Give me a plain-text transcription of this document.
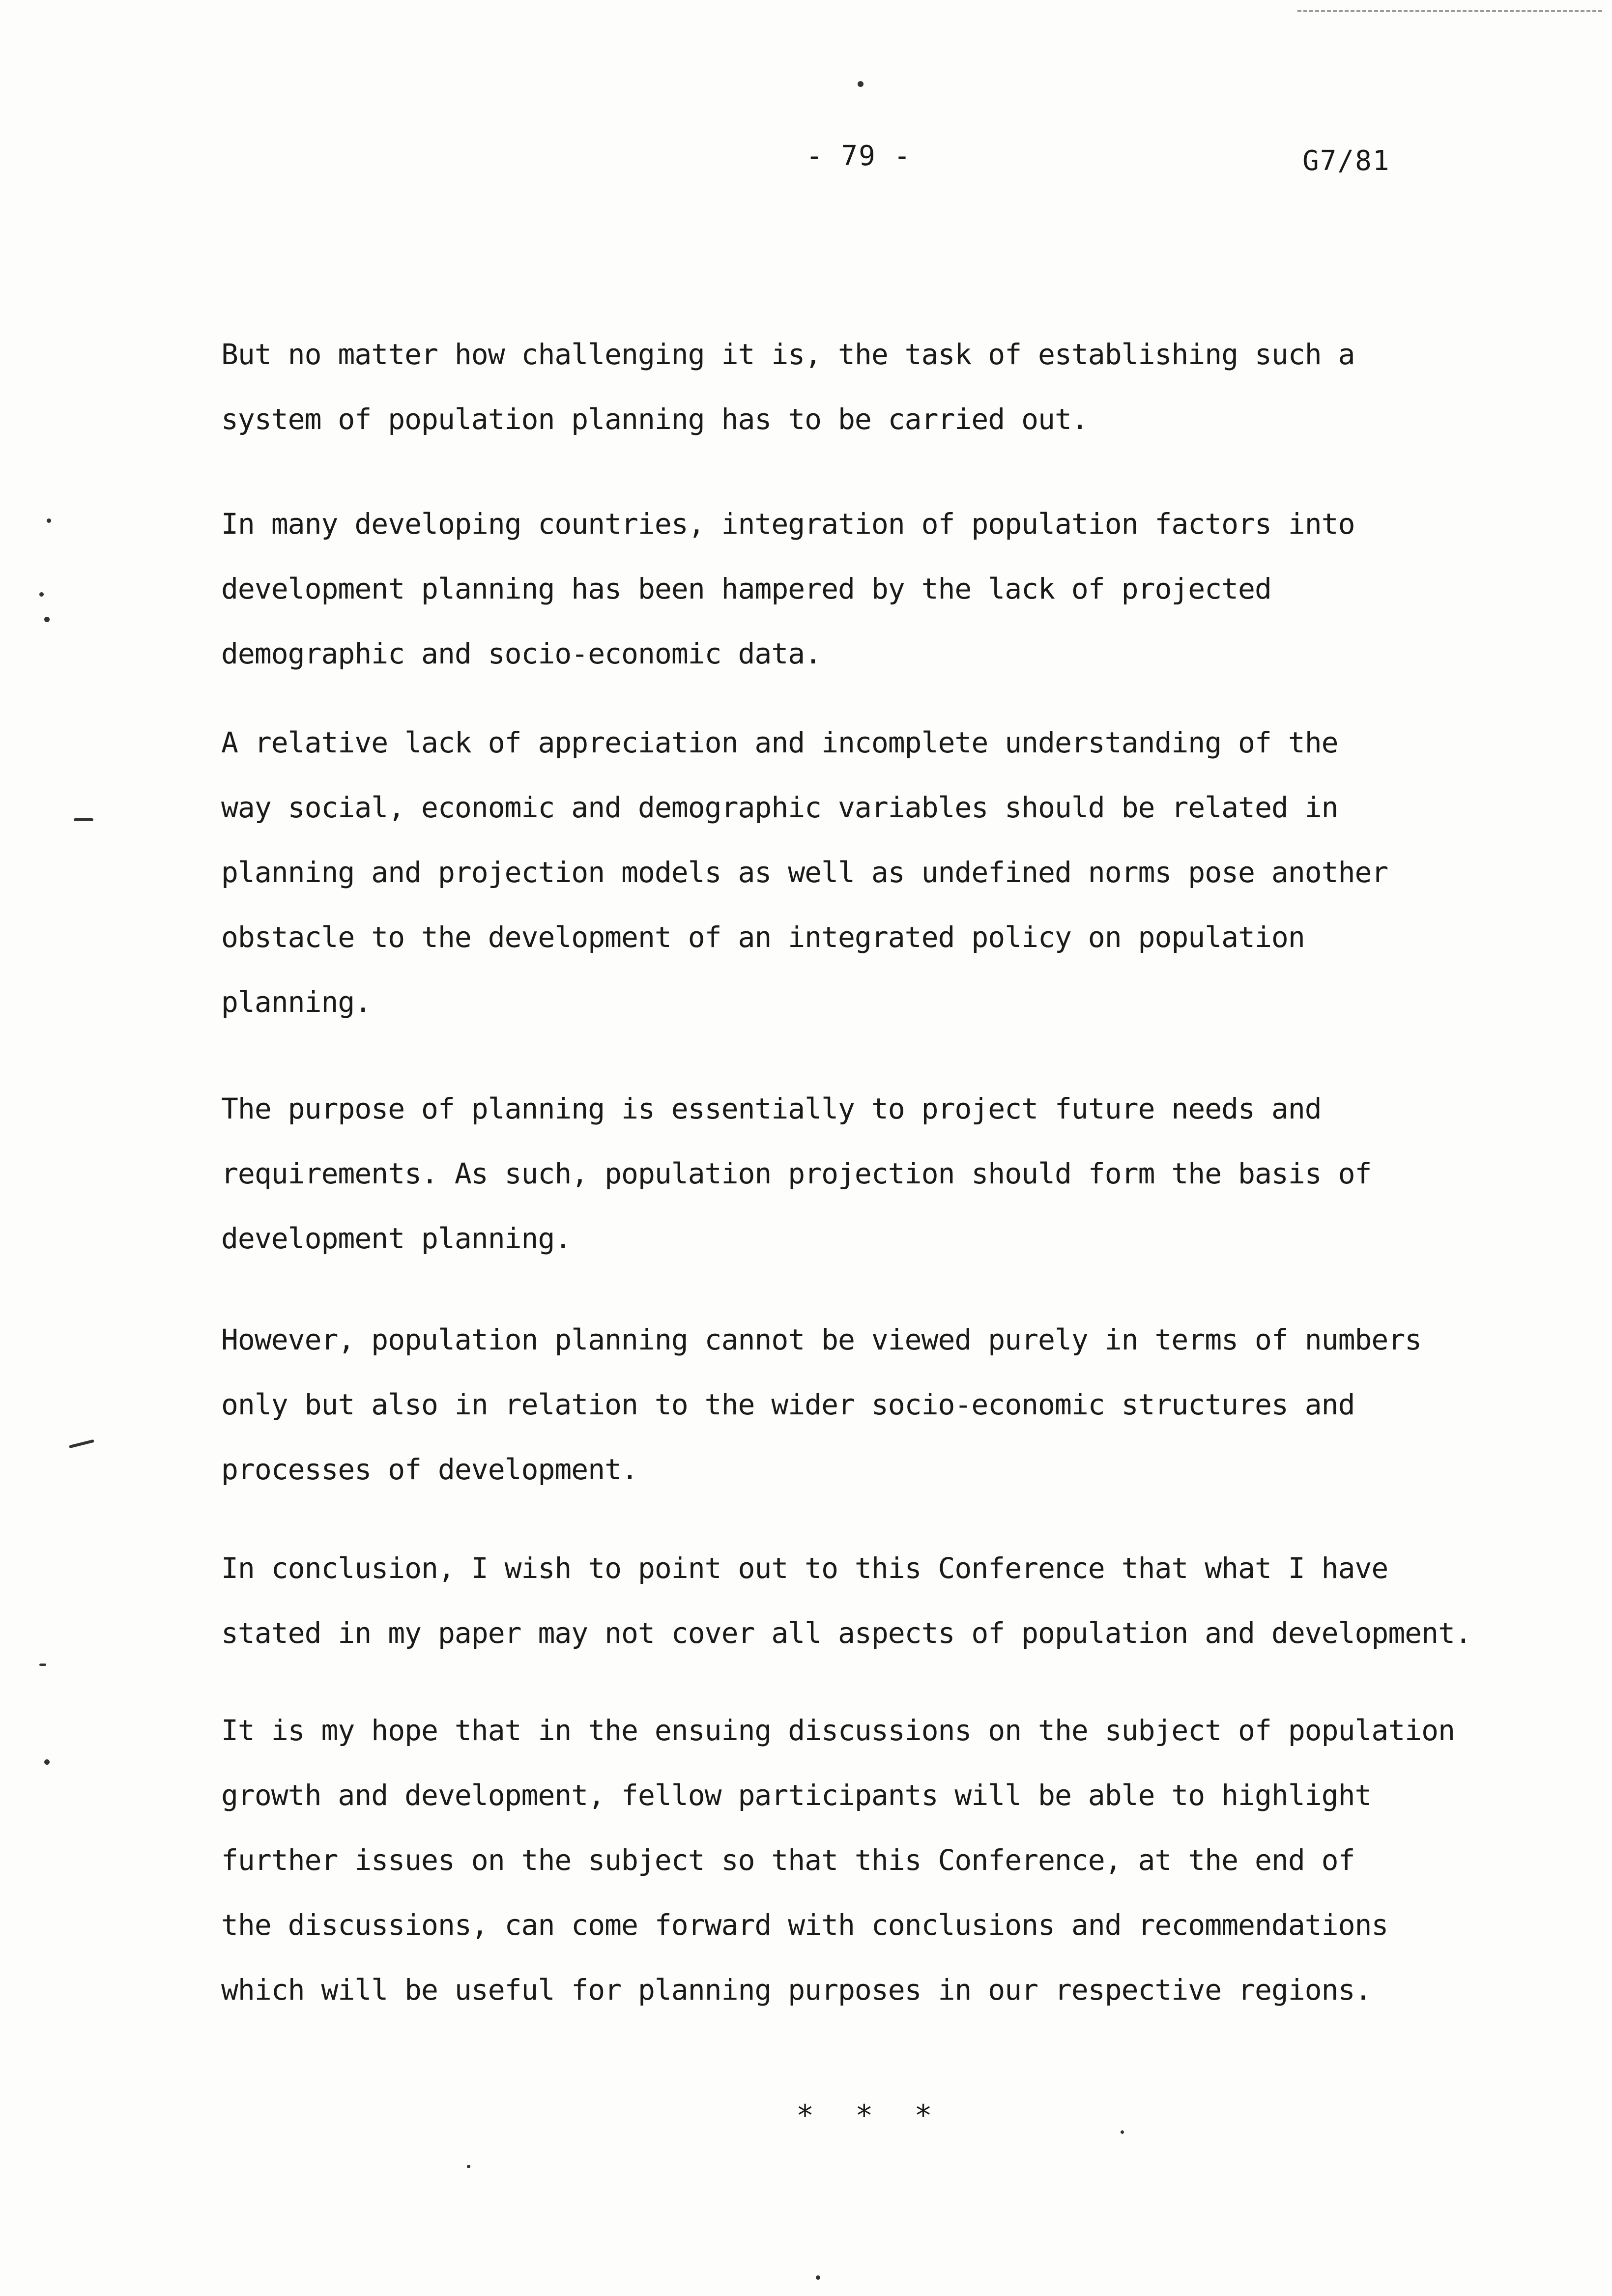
- 79 -	G7/81

But no matter how challenging it is, the task of establishing such a
system of population planning has to be carried out.

In many developing countries, integration of population factors into
development planning has been hampered by the lack of projected
demographic and socio-economic data.

A relative lack of appreciation and incomplete understanding of the
way social, economic and demographic variables should be related in
planning and projection models as well as undefined norms pose another
obstacle to the development of an integrated policy on population
planning.

The purpose of planning is essentially to project future needs and
requirements. As such, population projection should form the basis of
development planning.

However, population planning cannot be viewed purely in terms of numbers
only but also in relation to the wider socio-economic structures and
processes of development.

In conclusion, I wish to point out to this Conference that what I have
stated in my paper may not cover all aspects of population and development.

It is my hope that in the ensuing discussions on the subject of population
growth and development, fellow participants will be able to highlight
further issues on the subject so that this Conference, at the end of
the discussions, can come forward with conclusions and recommendations
which will be useful for planning purposes in our respective regions.

* * *
